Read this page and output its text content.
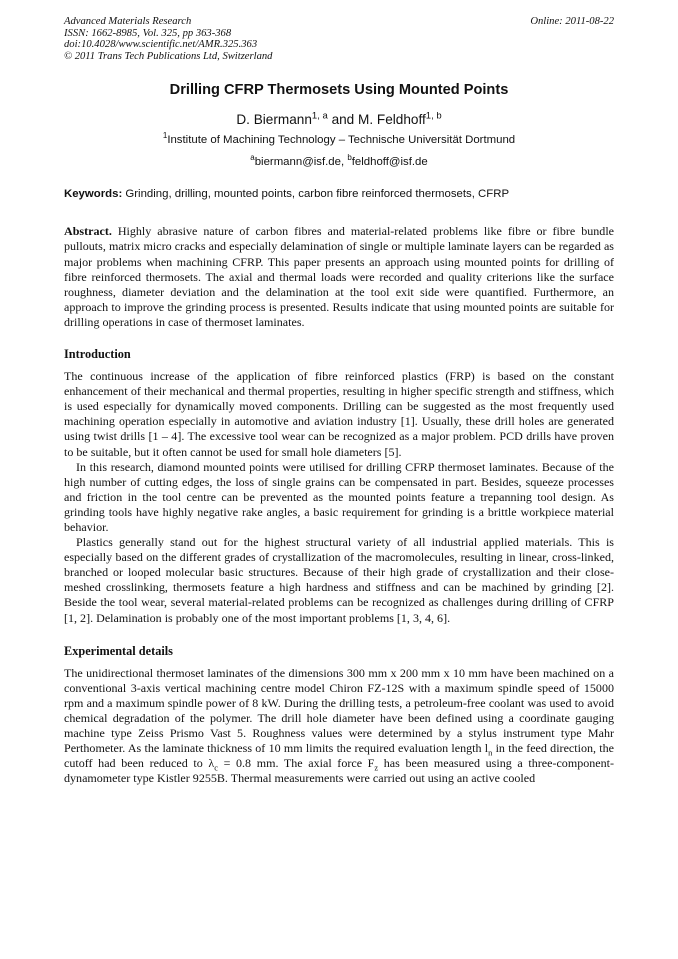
Advanced Materials Research
ISSN: 1662-8985, Vol. 325, pp 363-368
doi:10.4028/www.scientific.net/AMR.325.363
© 2011 Trans Tech Publications Ltd, Switzerland
Online: 2011-08-22
Drilling CFRP Thermosets Using Mounted Points
D. Biermann$^{1, a}$ and M. Feldhoff$^{1, b}$
$^1$Institute of Machining Technology – Technische Universität Dortmund
$^a$biermann@isf.de, $^b$feldhoff@isf.de
Keywords: Grinding, drilling, mounted points, carbon fibre reinforced thermosets, CFRP

Abstract. Highly abrasive nature of carbon fibres and material-related problems like fibre or fibre bundle pullouts, matrix micro cracks and especially delamination of single or multiple laminate layers can be regarded as major problems when machining CFRP. This paper presents an approach using mounted points for drilling of fibre reinforced thermosets. The axial and thermal loads were recorded and quality criterions like the surface roughness, diameter deviation and the delamination at the tool exit side were quantified. Furthermore, an approach to improve the grinding process is presented. Results indicate that using mounted points are suitable for drilling operations in case of thermoset laminates.

Introduction

The continuous increase of the application of fibre reinforced plastics (FRP) is based on the constant enhancement of their mechanical and thermal properties, resulting in higher specific strength and stiffness, which is used especially for dynamically moved components. Drilling can be suggested as the most frequently used machining operation especially in automotive and aviation industry [1]. Usually, these drill holes are generated using twist drills [1 – 4]. The excessive tool wear can be recognized as a major problem. PCD drills have proven to be suitable, but it often cannot be used for small hole diameters [5].

In this research, diamond mounted points were utilised for drilling CFRP thermoset laminates. Because of the high number of cutting edges, the loss of single grains can be compensated in part. Besides, squeeze processes and friction in the tool centre can be prevented as the mounted points feature a trepanning tool design. As grinding tools have highly negative rake angles, a basic requirement for grinding is a brittle workpiece material behavior.

Plastics generally stand out for the highest structural variety of all industrial applied materials. This is especially based on the different grades of crystallization of the macromolecules, resulting in linear, cross-linked, branched or looped molecular basic structures. Because of their high grade of crystallization and their close-meshed crosslinking, thermosets feature a high hardness and stiffness and can be machined by grinding [2]. Beside the tool wear, several material-related problems can be recognized as challenges during drilling of CFRP [1, 2]. Delamination is probably one of the most important problems [1, 3, 4, 6].

Experimental details

The unidirectional thermoset laminates of the dimensions 300 mm x 200 mm x 10 mm have been machined on a conventional 3-axis vertical machining centre model Chiron FZ-12S with a maximum spindle speed of 15000 rpm and a maximum spindle power of 8 kW. During the drilling tests, a petroleum-free coolant was used to avoid chemical degradation of the polymer. The drill hole diameter have been defined using a coordinate gauging machine type Zeiss Prismo Vast 5. Roughness values were determined by a stylus instrument type Mahr Perthometer. As the laminate thickness of 10 mm limits the required evaluation length $l_n$ in the feed direction, the cutoff had been reduced to $\lambda_c = 0.8$ mm. The axial force $F_z$ has been measured using a three-component-dynamometer type Kistler 9255B. Thermal measurements were carried out using an active cooled
